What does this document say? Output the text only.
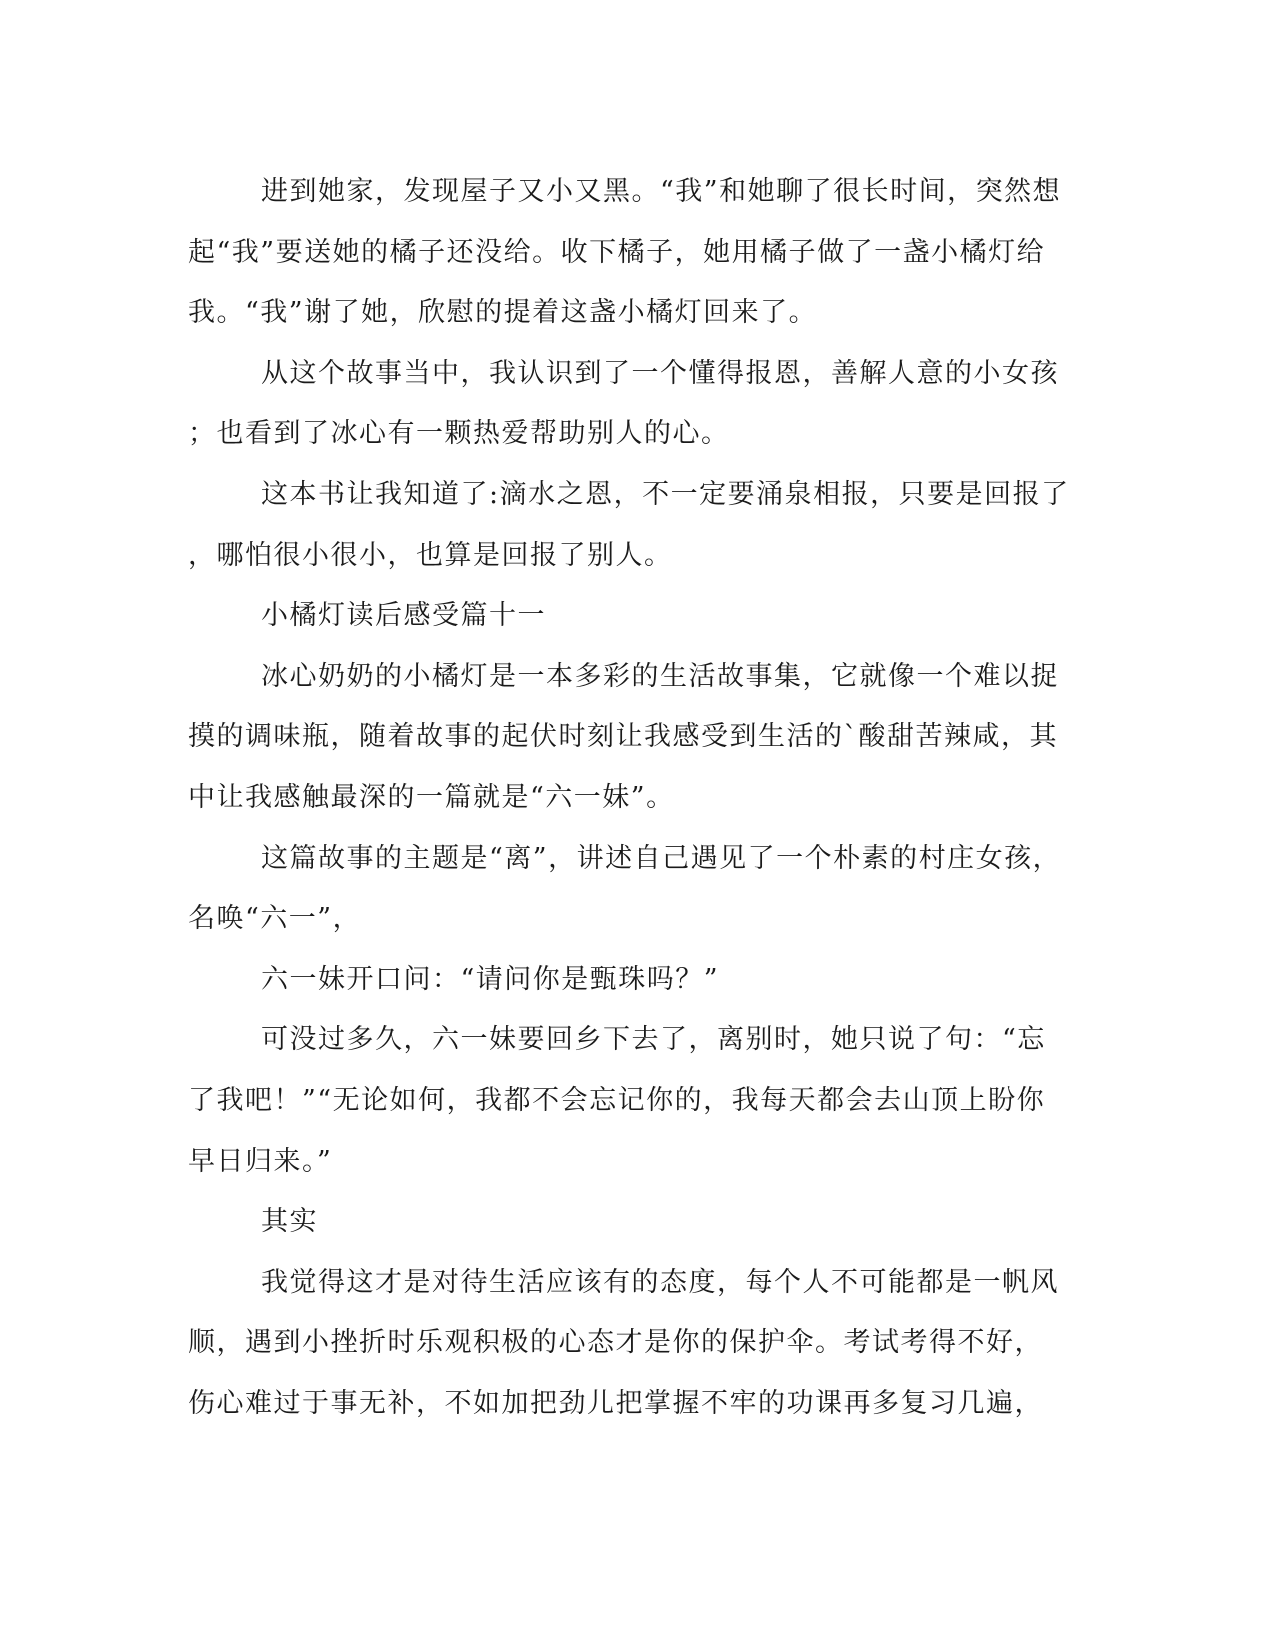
进到她家，发现屋子又小又黑。“我”和她聊了很长时间，突然想
起“我”要送她的橘子还没给。收下橘子，她用橘子做了一盏小橘灯给
我。“我”谢了她，欣慰的提着这盏小橘灯回来了。
从这个故事当中，我认识到了一个懂得报恩，善解人意的小女孩
；也看到了冰心有一颗热爱帮助别人的心。
这本书让我知道了:滴水之恩，不一定要涌泉相报，只要是回报了
，哪怕很小很小，也算是回报了别人。
小橘灯读后感受篇十一
冰心奶奶的小橘灯是一本多彩的生活故事集，它就像一个难以捉
摸的调味瓶，随着故事的起伏时刻让我感受到生活的`酸甜苦辣咸，其
中让我感触最深的一篇就是“六一妹”。
这篇故事的主题是“离”，讲述自己遇见了一个朴素的村庄女孩，
名唤“六一”，
六一妹开口问：“请问你是甄珠吗？”
可没过多久，六一妹要回乡下去了，离别时，她只说了句：“忘
了我吧！”“无论如何，我都不会忘记你的，我每天都会去山顶上盼你
早日归来。”
其实
我觉得这才是对待生活应该有的态度，每个人不可能都是一帆风
顺，遇到小挫折时乐观积极的心态才是你的保护伞。考试考得不好，
伤心难过于事无补，不如加把劲儿把掌握不牢的功课再多复习几遍，
